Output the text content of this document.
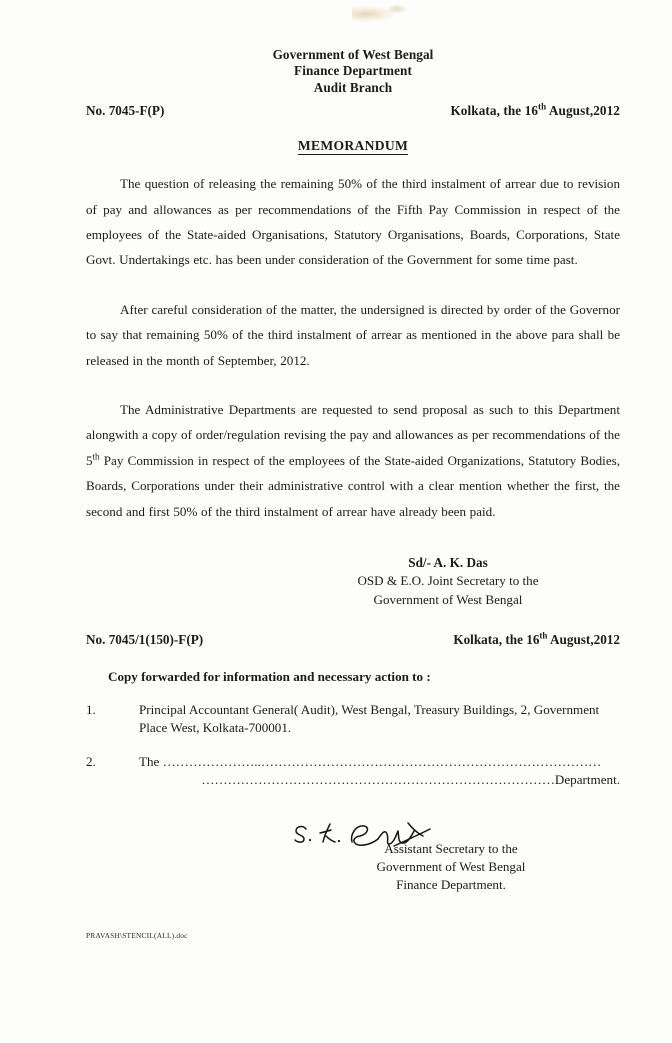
Government of West Bengal
Finance Department
Audit Branch
No. 7045-F(P)	Kolkata, the 16th August,2012
MEMORANDUM

The question of releasing the remaining 50% of the third instalment of arrear due to revision of pay and allowances as per recommendations of the Fifth Pay Commission in respect of the employees of the State-aided Organisations, Statutory Organisations, Boards, Corporations, State Govt. Undertakings etc. has been under consideration of the Government for some time past.

After careful consideration of the matter, the undersigned is directed by order of the Governor to say that remaining 50% of the third instalment of arrear as mentioned in the above para shall be released in the month of September, 2012.

The Administrative Departments are requested to send proposal as such to this Department alongwith a copy of order/regulation revising the pay and allowances as per recommendations of the 5th Pay Commission in respect of the employees of the State-aided Organizations, Statutory Bodies, Boards, Corporations under their administrative control with a clear mention whether the first, the second and first 50% of the third instalment of arrear have already been paid.

Sd/- A. K. Das
OSD & E.O. Joint Secretary to the
Government of West Bengal
No. 7045/1(150)-F(P)	Kolkata, the 16th August,2012
Copy forwarded for information and necessary action to :
1.	Principal Accountant General( Audit), West Bengal, Treasury Buildings, 2, Government
Place West, Kolkata-700001.
2.	The …………………..……………………………………………………………………
………………………………………………………………………Department.
Assistant Secretary to the
Government of West Bengal
Finance Department.
PRAVASH\STENCIL(ALL).doc
